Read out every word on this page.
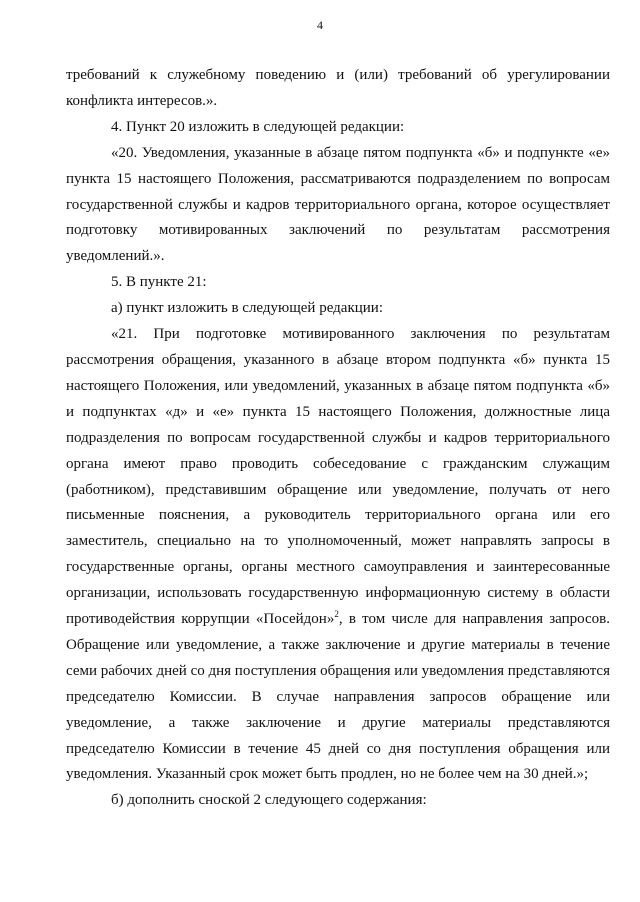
4

требований к служебному поведению и (или) требований об урегулировании конфликта интересов.».

4. Пункт 20 изложить в следующей редакции:

«20. Уведомления, указанные в абзаце пятом подпункта «б» и подпункте «е» пункта 15 настоящего Положения, рассматриваются подразделением по вопросам государственной службы и кадров территориального органа, которое осуществляет подготовку мотивированных заключений по результатам рассмотрения уведомлений.».

5. В пункте 21:

а) пункт изложить в следующей редакции:

«21. При подготовке мотивированного заключения по результатам рассмотрения обращения, указанного в абзаце втором подпункта «б» пункта 15 настоящего Положения, или уведомлений, указанных в абзаце пятом подпункта «б» и подпунктах «д» и «е» пункта 15 настоящего Положения, должностные лица подразделения по вопросам государственной службы и кадров территориального органа имеют право проводить собеседование с гражданским служащим (работником), представившим обращение или уведомление, получать от него письменные пояснения, а руководитель территориального органа или его заместитель, специально на то уполномоченный, может направлять запросы в государственные органы, органы местного самоуправления и заинтересованные организации, использовать государственную информационную систему в области противодействия коррупции «Посейдон»$^2$, в том числе для направления запросов. Обращение или уведомление, а также заключение и другие материалы в течение семи рабочих дней со дня поступления обращения или уведомления представляются председателю Комиссии. В случае направления запросов обращение или уведомление, а также заключение и другие материалы представляются председателю Комиссии в течение 45 дней со дня поступления обращения или уведомления. Указанный срок может быть продлен, но не более чем на 30 дней.»;

б) дополнить сноской 2 следующего содержания:
